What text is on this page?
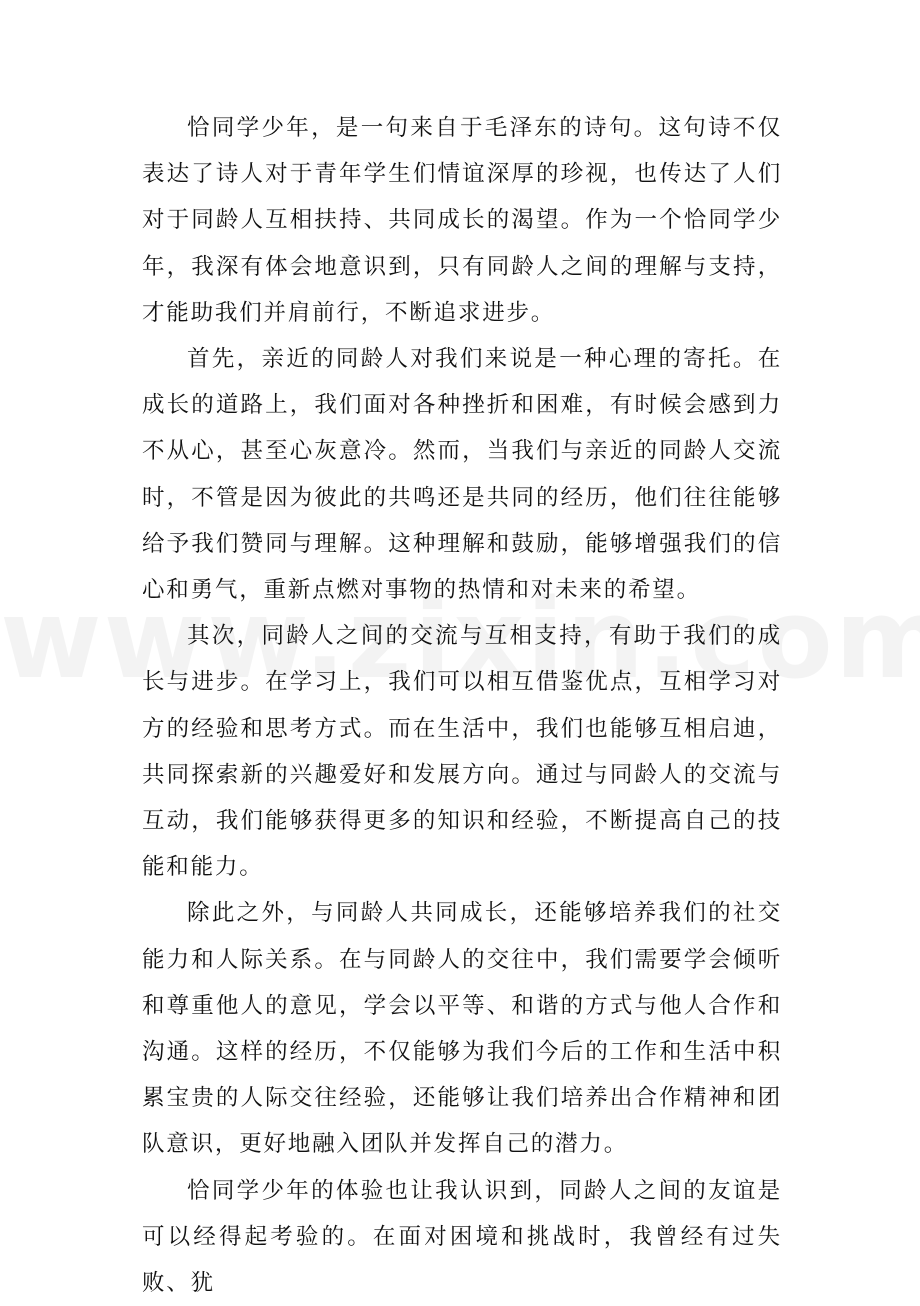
恰同学少年，是一句来自于毛泽东的诗句。这句诗不仅表达了诗人对于青年学生们情谊深厚的珍视，也传达了人们对于同龄人互相扶持、共同成长的渴望。作为一个恰同学少年，我深有体会地意识到，只有同龄人之间的理解与支持，才能助我们并肩前行，不断追求进步。

首先，亲近的同龄人对我们来说是一种心理的寄托。在成长的道路上，我们面对各种挫折和困难，有时候会感到力不从心，甚至心灰意冷。然而，当我们与亲近的同龄人交流时，不管是因为彼此的共鸣还是共同的经历，他们往往能够给予我们赞同与理解。这种理解和鼓励，能够增强我们的信心和勇气，重新点燃对事物的热情和对未来的希望。

其次，同龄人之间的交流与互相支持，有助于我们的成长与进步。在学习上，我们可以相互借鉴优点，互相学习对方的经验和思考方式。而在生活中，我们也能够互相启迪，共同探索新的兴趣爱好和发展方向。通过与同龄人的交流与互动，我们能够获得更多的知识和经验，不断提高自己的技能和能力。

除此之外，与同龄人共同成长，还能够培养我们的社交能力和人际关系。在与同龄人的交往中，我们需要学会倾听和尊重他人的意见，学会以平等、和谐的方式与他人合作和沟通。这样的经历，不仅能够为我们今后的工作和生活中积累宝贵的人际交往经验，还能够让我们培养出合作精神和团队意识，更好地融入团队并发挥自己的潜力。

恰同学少年的体验也让我认识到，同龄人之间的友谊是可以经得起考验的。在面对困境和挑战时，我曾经有过失败、犹
